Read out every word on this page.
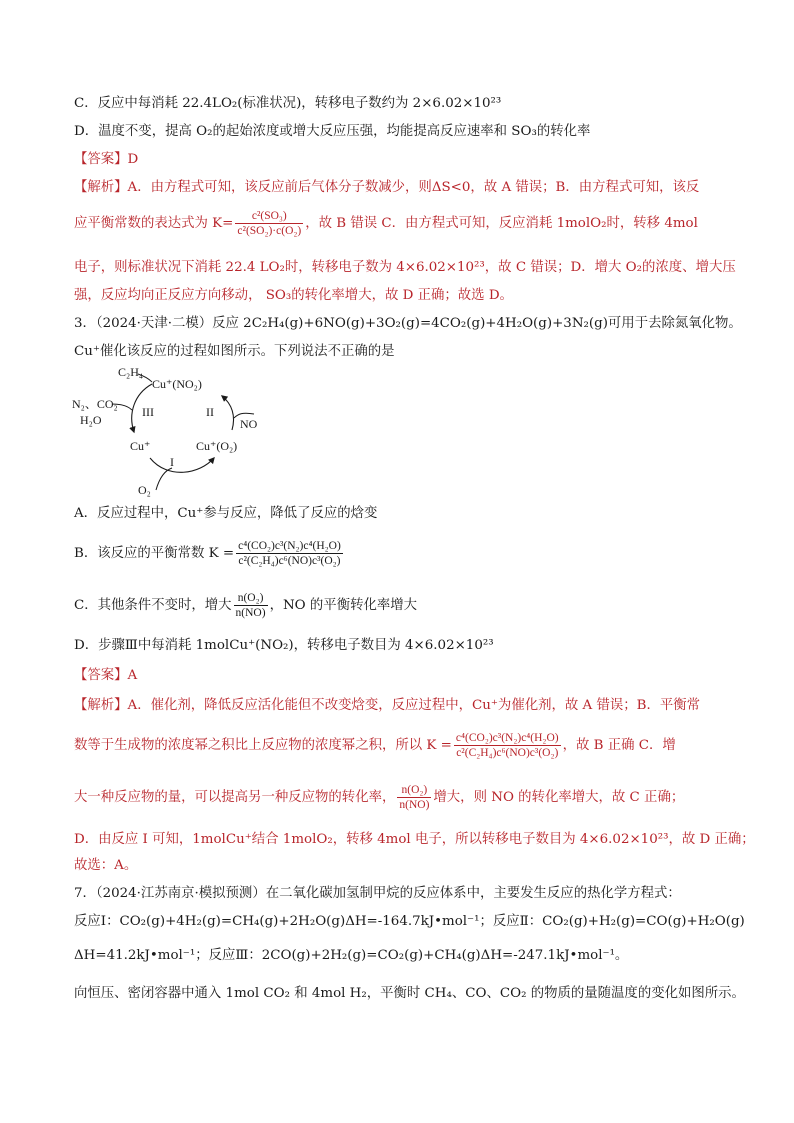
C．反应中每消耗 22.4LO₂(标准状况)，转移电子数约为 2×6.02×10²³
D．温度不变，提高 O₂的起始浓度或增大反应压强，均能提高反应速率和 SO₃的转化率
【答案】D
【解析】A．由方程式可知，该反应前后气体分子数减少，则ΔS<0，故 A 错误；B．由方程式可知，该反
应平衡常数的表达式为 $K= \frac{\text{c²(SO₃)}}{\text{c²(SO₂)·c(O₂)}}$ ，故 B 错误 C．由方程式可知，反应消耗 1molO₂时，转移 4mol
电子，则标准状况下消耗 22.4 LO₂时，转移电子数为 4×6.02×10²³，故 C 错误；D．增大 O₂的浓度、增大压
强，反应均向正反应方向移动， SO₃的转化率增大，故 D 正确；故选 D。
3．（2024·天津·二模）反应 2C₂H₄(g)+6NO(g)+3O₂(g)=4CO₂(g)+4H₂O(g)+3N₂(g)可用于去除氮氧化物。
Cu⁺催化该反应的过程如图所示。下列说法不正确的是
C₂H₄
Cu⁺(NO₂)
N₂、CO₂
H₂O
III	II
NO
Cu⁺	Cu⁺(O₂)
I
O₂
A．反应过程中，Cu⁺参与反应，降低了反应的焓变
B．该反应的平衡常数 $K = \frac{\text{c⁴(CO₂)c³(N₂)c⁴(H₂O)}}{\text{c²(C₂H₄)c⁶(NO)c³(O₂)}}$
C．其他条件不变时，增大 $\frac{\text{n(O₂)}}{n(NO)}$ ，NO 的平衡转化率增大
D．步骤Ⅲ中每消耗 1molCu⁺(NO₂)，转移电子数目为 4×6.02×10²³
【答案】A
【解析】A．催化剂，降低反应活化能但不改变焓变，反应过程中，Cu⁺为催化剂，故 A 错误；B．平衡常
数等于生成物的浓度幂之积比上反应物的浓度幂之积，所以 $K = \frac{\text{c⁴(CO₂)c³(N₂)c⁴(H₂O)}}{\text{c²(C₂H₄)c⁶(NO)c³(O₂)}}$ ，故 B 正确 C．增
大一种反应物的量，可以提高另一种反应物的转化率， $\frac{\text{n(O₂)}}{n(NO)}$ 增大，则 NO 的转化率增大，故 C 正确；
D．由反应 I 可知，1molCu⁺结合 1molO₂，转移 4mol 电子，所以转移电子数目为 4×6.02×10²³，故 D 正确；
故选：A。
7．（2024·江苏南京·模拟预测）在二氧化碳加氢制甲烷的反应体系中，主要发生反应的热化学方程式：
反应Ⅰ：CO₂(g)+4H₂(g)=CH₄(g)+2H₂O(g)ΔH=-164.7kJ•mol⁻¹；反应Ⅱ：CO₂(g)+H₂(g)=CO(g)+H₂O(g)
ΔH=41.2kJ•mol⁻¹；反应Ⅲ：2CO(g)+2H₂(g)=CO₂(g)+CH₄(g)ΔH=-247.1kJ•mol⁻¹。
向恒压、密闭容器中通入 1mol CO₂ 和 4mol H₂，平衡时 CH₄、CO、CO₂ 的物质的量随温度的变化如图所示。
